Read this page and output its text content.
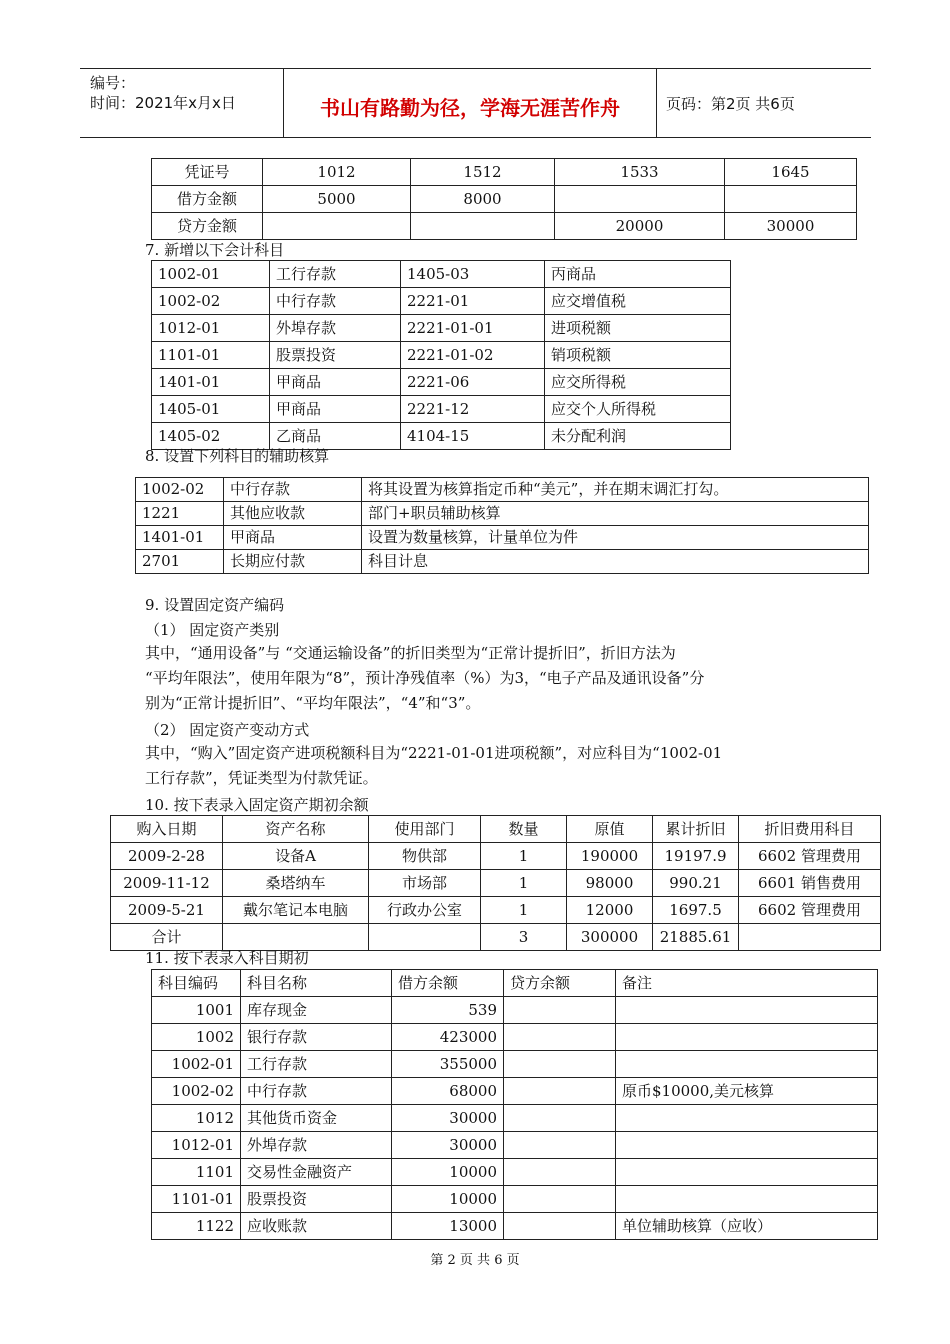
编号：
时间：2021年x月x日	书山有路勤为径，学海无涯苦作舟	页码：第2页 共6页
凭证号	1012	1512	1533	1645
借方金额	5000	8000		
贷方金额			20000	30000
7. 新增以下会计科目
1002-01	工行存款	1405-03	丙商品
1002-02	中行存款	2221-01	应交增值税
1012-01	外埠存款	2221-01-01	进项税额
1101-01	股票投资	2221-01-02	销项税额
1401-01	甲商品	2221-06	应交所得税
1405-01	甲商品	2221-12	应交个人所得税
1405-02	乙商品	4104-15	未分配利润
8. 设置下列科目的辅助核算
1002-02	中行存款	将其设置为核算指定币种“美元”，并在期末调汇打勾。
1221	其他应收款	部门+职员辅助核算
1401-01	甲商品	设置为数量核算，计量单位为件
2701	长期应付款	科目计息
9. 设置固定资产编码
（1） 固定资产类别
其中，“通用设备”与 “交通运输设备”的折旧类型为“正常计提折旧”，折旧方法为
“平均年限法”，使用年限为“8”，预计净残值率（%）为3，“电子产品及通讯设备”分
别为“正常计提折旧”、“平均年限法”，“4”和“3”。
（2） 固定资产变动方式
其中，“购入”固定资产进项税额科目为“2221-01-01进项税额”，对应科目为“1002-01
工行存款”，凭证类型为付款凭证。
10. 按下表录入固定资产期初余额
购入日期	资产名称	使用部门	数量	原值	累计折旧	折旧费用科目
2009-2-28	设备A	物供部	1	190000	19197.9	6602 管理费用
2009-11-12	桑塔纳车	市场部	1	98000	990.21	6601 销售费用
2009-5-21	戴尔笔记本电脑	行政办公室	1	12000	1697.5	6602 管理费用
合计			3	300000	21885.61	
11. 按下表录入科目期初
科目编码	科目名称	借方余额	贷方余额	备注
1001	库存现金	539		
1002	银行存款	423000		
1002-01	工行存款	355000		
1002-02	中行存款	68000		原币$10000,美元核算
1012	其他货币资金	30000		
1012-01	外埠存款	30000		
1101	交易性金融资产	10000		
1101-01	股票投资	10000		
1122	应收账款	13000		单位辅助核算（应收）
第 2 页 共 6 页
